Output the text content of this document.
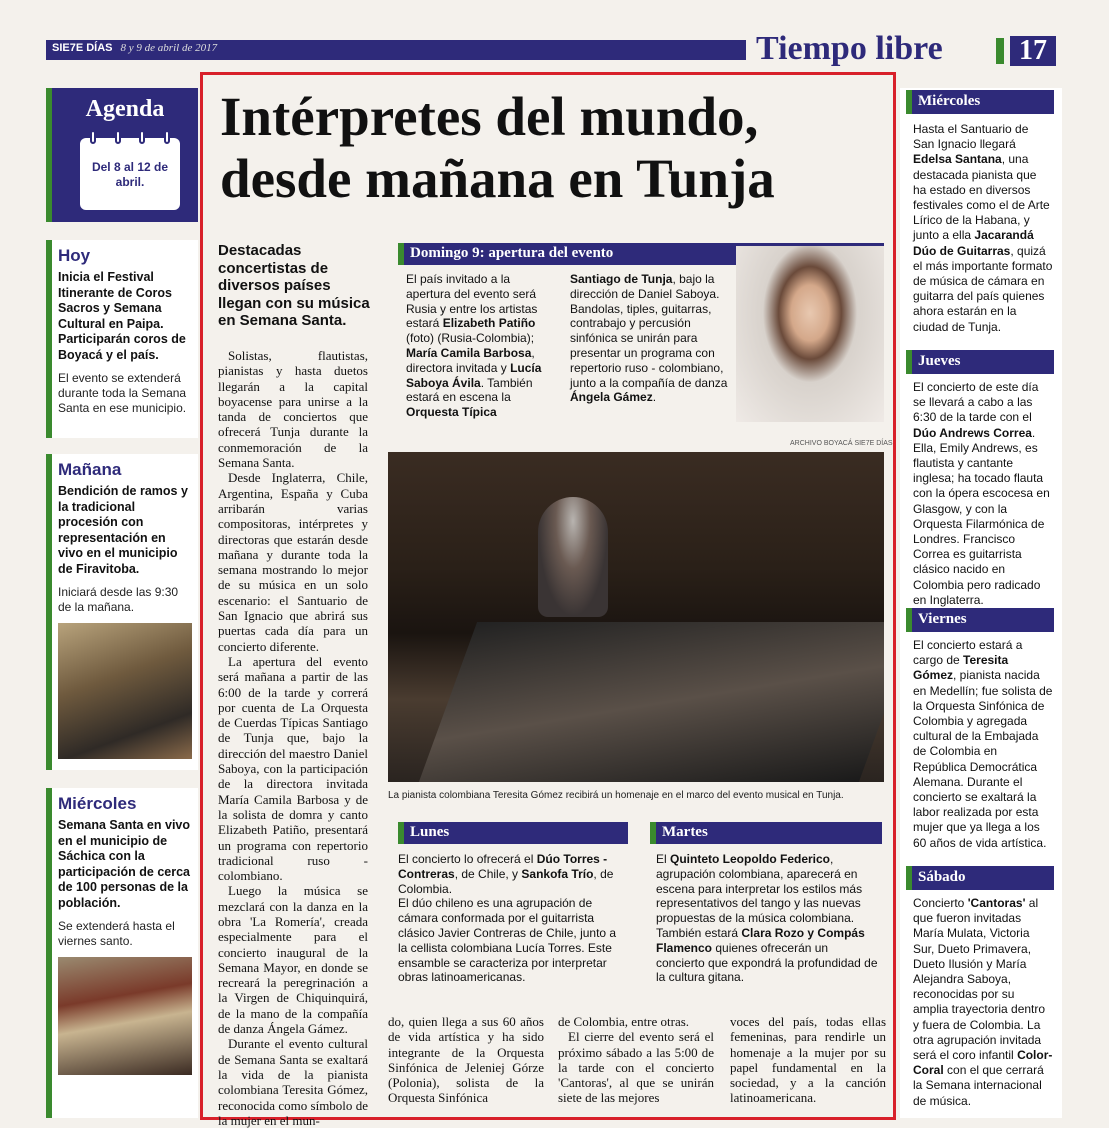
SIE7E DÍAS 8 y 9 de abril de 2017	Tiempo libre	17
Agenda

Del 8 al 12 de abril.

Hoy
Inicia el Festival Itinerante de Coros Sacros y Semana Cultural en Paipa. Participarán coros de Boyacá y el país.
El evento se extenderá durante toda la Semana Santa en ese municipio.
Mañana
Bendición de ramos y la tradicional procesión con representación en vivo en el municipio de Firavitoba.
Iniciará desde las 9:30 de la mañana.
Miércoles
Semana Santa en vivo en el municipio de Sáchica con la participación de cerca de 100 personas de la población.
Se extenderá hasta el viernes santo.
Intérpretes del mundo, desde mañana en Tunja
Destacadas concertistas de diversos países llegan con su música en Semana Santa.

Solistas, flautistas, pianistas y hasta duetos llegarán a la capital boyacense para unirse a la tanda de conciertos que ofrecerá Tunja durante la conmemoración de la Semana Santa.

Desde Inglaterra, Chile, Argentina, España y Cuba arribarán varias compositoras, intérpretes y directoras que estarán desde mañana y durante toda la semana mostrando lo mejor de su música en un solo escenario: el Santuario de San Ignacio que abrirá sus puertas cada día para un concierto diferente.

La apertura del evento será mañana a partir de las 6:00 de la tarde y correrá por cuenta de La Orquesta de Cuerdas Típicas Santiago de Tunja que, bajo la dirección del maestro Daniel Saboya, con la participación de la directora invitada María Camila Barbosa y de la solista de domra y canto Elizabeth Patiño, presentará un programa con repertorio tradicional ruso - colombiano.

Luego la música se mezclará con la danza en la obra 'La Romería', creada especialmente para el concierto inaugural de la Semana Mayor, en donde se recreará la peregrinación a la Virgen de Chiquinquirá, de la mano de la compañía de danza Ángela Gámez.

Durante el evento cultural de Semana Santa se exaltará la vida de la pianista colombiana Teresita Gómez, reconocida como símbolo de la mujer en el mun-

Domingo 9: apertura del evento
El país invitado a la apertura del evento será Rusia y entre los artistas estará Elizabeth Patiño (foto) (Rusia-Colombia); María Camila Barbosa, directora invitada y Lucía Saboya Ávila. También estará en escena la Orquesta Típica
Santiago de Tunja, bajo la dirección de Daniel Saboya. Bandolas, tiples, guitarras, contrabajo y percusión sinfónica se unirán para presentar un programa con repertorio ruso - colombiano, junto a la compañía de danza Ángela Gámez.
ARCHIVO BOYACÁ SIE7E DÍAS
La pianista colombiana Teresita Gómez recibirá un homenaje en el marco del evento musical en Tunja.
Lunes	Martes

El concierto lo ofrecerá el Dúo Torres - Contreras, de Chile, y Sankofa Trío, de Colombia.

El dúo chileno es una agrupación de cámara conformada por el guitarrista clásico Javier Contreras de Chile, junto a la cellista colombiana Lucía Torres. Este ensamble se caracteriza por interpretar obras latinoamericanas.

El Quinteto Leopoldo Federico, agrupación colombiana, aparecerá en escena para interpretar los estilos más representativos del tango y las nuevas propuestas de la música colombiana.

También estará Clara Rozo y Compás Flamenco quienes ofrecerán un concierto que expondrá la profundidad de la cultura gitana.

do, quien llega a sus 60 años de vida artística y ha sido integrante de la Orquesta Sinfónica de Jeleniej Górze (Polonia), solista de la Orquesta Sinfónica

de Colombia, entre otras.

El cierre del evento será el próximo sábado a las 5:00 de la tarde con el concierto 'Cantoras', al que se unirán siete de las mejores

voces del país, todas ellas femeninas, para rendirle un homenaje a la mujer por su papel fundamental en la sociedad, y a la canción latinoamericana.
Miércoles
Hasta el Santuario de San Ignacio llegará Edelsa Santana, una destacada pianista que ha estado en diversos festivales como el de Arte Lírico de la Habana, y junto a ella Jacarandá Dúo de Guitarras, quizá el más importante formato de música de cámara en guitarra del país quienes ahora estarán en la ciudad de Tunja.
Jueves
El concierto de este día se llevará a cabo a las 6:30 de la tarde con el Dúo Andrews Correa. Ella, Emily Andrews, es flautista y cantante inglesa; ha tocado flauta con la ópera escocesa en Glasgow, y con la Orquesta Filarmónica de Londres. Francisco Correa es guitarrista clásico nacido en Colombia pero radicado en Inglaterra.
Viernes
El concierto estará a cargo de Teresita Gómez, pianista nacida en Medellín; fue solista de la Orquesta Sinfónica de Colombia y agregada cultural de la Embajada de Colombia en República Democrática Alemana. Durante el concierto se exaltará la labor realizada por esta mujer que ya llega a los 60 años de vida artística.
Sábado
Concierto 'Cantoras' al que fueron invitadas María Mulata, Victoria Sur, Dueto Primavera, Dueto Ilusión y María Alejandra Saboya, reconocidas por su amplia trayectoria dentro y fuera de Colombia. La otra agrupación invitada será el coro infantil Color-Coral con el que cerrará la Semana internacional de música.
